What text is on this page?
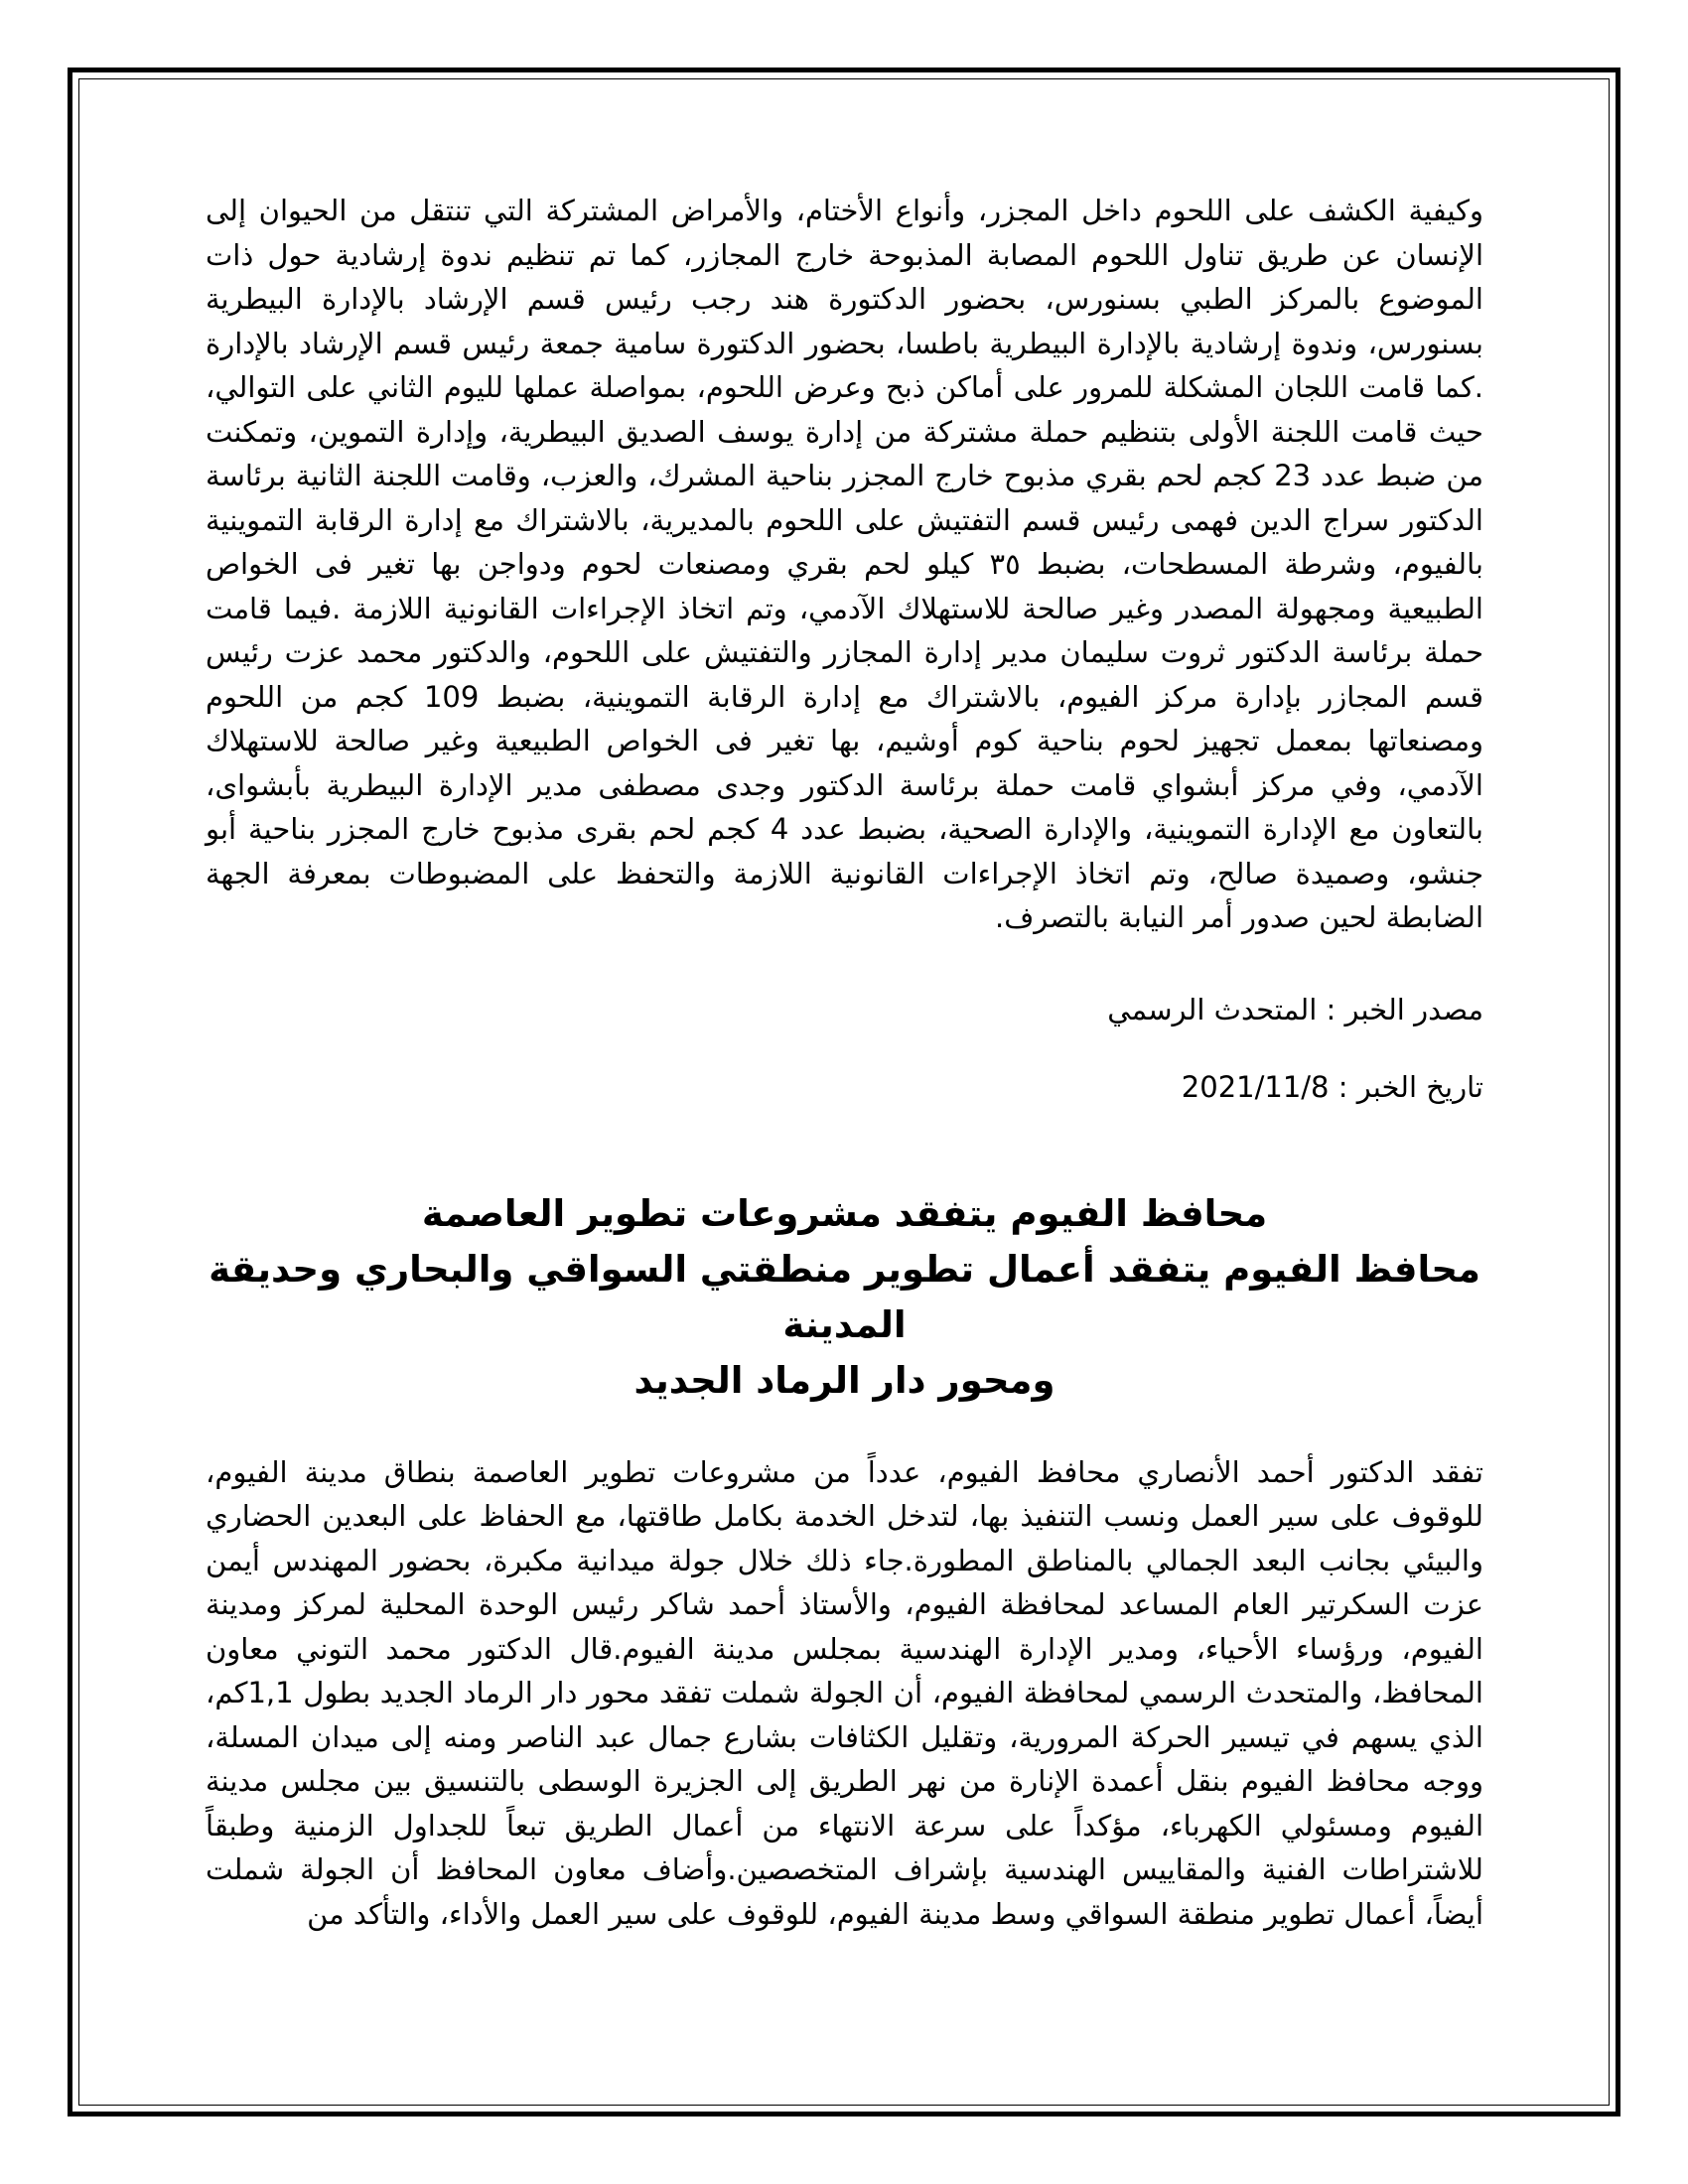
وكيفية الكشف على اللحوم داخل المجزر، وأنواع الأختام، والأمراض المشتركة التي تنتقل من الحيوان إلى الإنسان عن طريق تناول اللحوم المصابة المذبوحة خارج المجازر، كما تم تنظيم ندوة إرشادية حول ذات الموضوع بالمركز الطبي بسنورس، بحضور الدكتورة هند رجب رئيس قسم الإرشاد بالإدارة البيطرية بسنورس، وندوة إرشادية بالإدارة البيطرية باطسا، بحضور الدكتورة سامية جمعة رئيس قسم الإرشاد بالإدارة .كما قامت اللجان المشكلة للمرور على أماكن ذبح وعرض اللحوم، بمواصلة عملها لليوم الثاني على التوالي، حيث قامت اللجنة الأولى بتنظيم حملة مشتركة من إدارة يوسف الصديق البيطرية، وإدارة التموين، وتمكنت من ضبط عدد 23 كجم لحم بقري مذبوح خارج المجزر بناحية المشرك، والعزب، وقامت اللجنة الثانية برئاسة الدكتور سراج الدين فهمى رئيس قسم التفتيش على اللحوم بالمديرية، بالاشتراك مع إدارة الرقابة التموينية بالفيوم، وشرطة المسطحات، بضبط ٣٥ كيلو لحم بقري ومصنعات لحوم ودواجن بها تغير فى الخواص الطبيعية ومجهولة المصدر وغير صالحة للاستهلاك الآدمي، وتم اتخاذ الإجراءات القانونية اللازمة .فيما قامت حملة برئاسة الدكتور ثروت سليمان مدير إدارة المجازر والتفتيش على اللحوم، والدكتور محمد عزت رئيس قسم المجازر بإدارة مركز الفيوم، بالاشتراك مع إدارة الرقابة التموينية، بضبط 109 كجم من اللحوم ومصنعاتها بمعمل تجهيز لحوم بناحية كوم أوشيم، بها تغير فى الخواص الطبيعية وغير صالحة للاستهلاك الآدمي، وفي مركز أبشواي قامت حملة برئاسة الدكتور وجدى مصطفى مدير الإدارة البيطرية بأبشواى، بالتعاون مع الإدارة التموينية، والإدارة الصحية، بضبط عدد 4 كجم لحم بقرى مذبوح خارج المجزر بناحية أبو جنشو، وصميدة صالح، وتم اتخاذ الإجراءات القانونية اللازمة والتحفظ على المضبوطات بمعرفة الجهة الضابطة لحين صدور أمر النيابة بالتصرف.

مصدر الخبر : المتحدث الرسمي

تاريخ الخبر : 2021/11/8

محافظ الفيوم يتفقد مشروعات تطوير العاصمة

محافظ الفيوم يتفقد أعمال تطوير منطقتي السواقي والبحاري وحديقة المدينة

ومحور دار الرماد الجديد

تفقد الدكتور أحمد الأنصاري محافظ الفيوم، عدداً من مشروعات تطوير العاصمة بنطاق مدينة الفيوم، للوقوف على سير العمل ونسب التنفيذ بها، لتدخل الخدمة بكامل طاقتها، مع الحفاظ على البعدين الحضاري والبيئي بجانب البعد الجمالي بالمناطق المطورة.جاء ذلك خلال جولة ميدانية مكبرة، بحضور المهندس أيمن عزت السكرتير العام المساعد لمحافظة الفيوم، والأستاذ أحمد شاكر رئيس الوحدة المحلية لمركز ومدينة الفيوم، ورؤساء الأحياء، ومدير الإدارة الهندسية بمجلس مدينة الفيوم.قال الدكتور محمد التوني معاون المحافظ، والمتحدث الرسمي لمحافظة الفيوم، أن الجولة شملت تفقد محور دار الرماد الجديد بطول 1,1كم، الذي يسهم في تيسير الحركة المرورية، وتقليل الكثافات بشارع جمال عبد الناصر ومنه إلى ميدان المسلة، ووجه محافظ الفيوم بنقل أعمدة الإنارة من نهر الطريق إلى الجزيرة الوسطى بالتنسيق بين مجلس مدينة الفيوم ومسئولي الكهرباء، مؤكداً على سرعة الانتهاء من أعمال الطريق تبعاً للجداول الزمنية وطبقاً للاشتراطات الفنية والمقاييس الهندسية بإشراف المتخصصين.وأضاف معاون المحافظ أن الجولة شملت أيضاً، أعمال تطوير منطقة السواقي وسط مدينة الفيوم، للوقوف على سير العمل والأداء، والتأكد من
